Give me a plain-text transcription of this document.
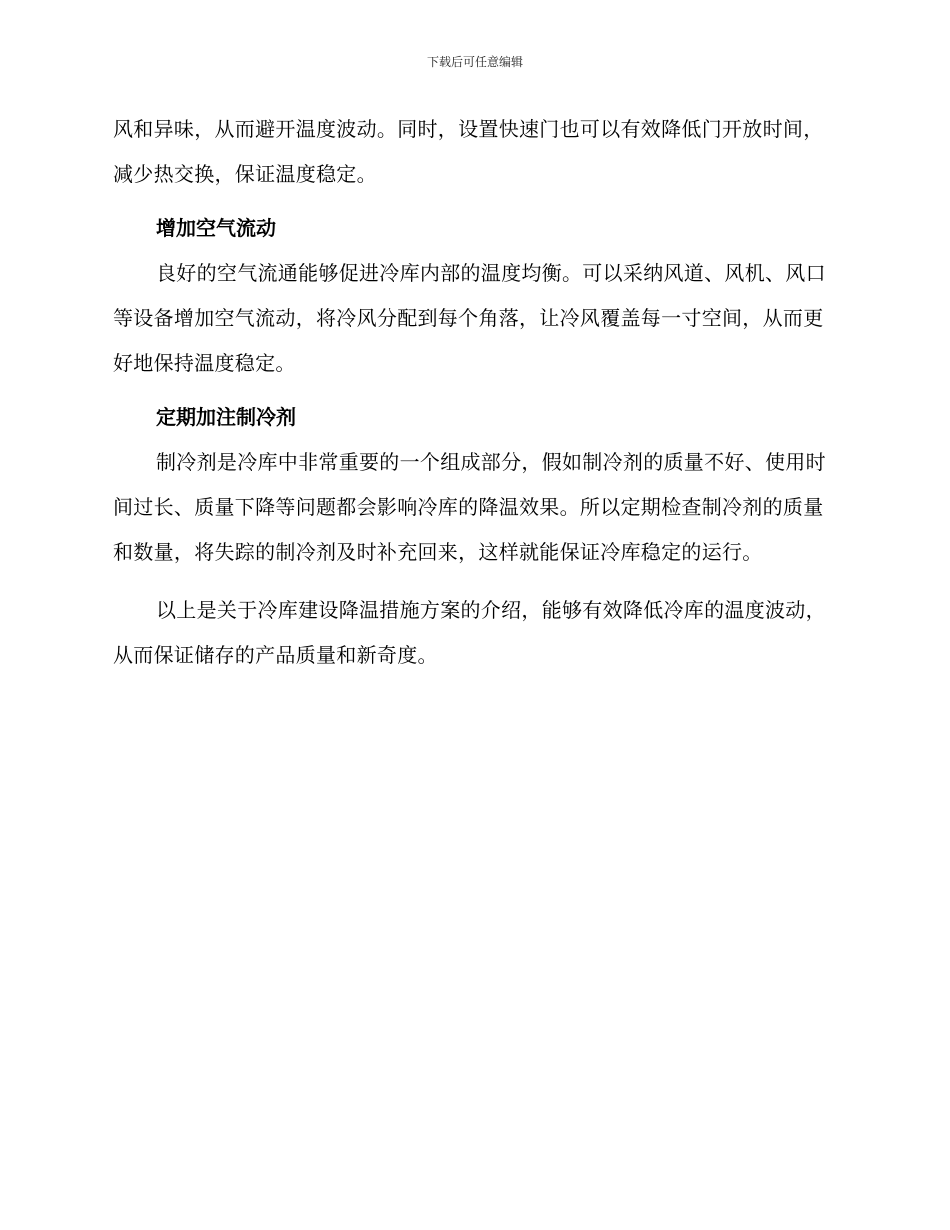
下载后可任意编辑

风和异味，从而避开温度波动。同时，设置快速门也可以有效降低门开放时间，减少热交换，保证温度稳定。

增加空气流动

良好的空气流通能够促进冷库内部的温度均衡。可以采纳风道、风机、风口等设备增加空气流动，将冷风分配到每个角落，让冷风覆盖每一寸空间，从而更好地保持温度稳定。

定期加注制冷剂

制冷剂是冷库中非常重要的一个组成部分，假如制冷剂的质量不好、使用时间过长、质量下降等问题都会影响冷库的降温效果。所以定期检查制冷剂的质量和数量，将失踪的制冷剂及时补充回来，这样就能保证冷库稳定的运行。

以上是关于冷库建设降温措施方案的介绍，能够有效降低冷库的温度波动，从而保证储存的产品质量和新奇度。
